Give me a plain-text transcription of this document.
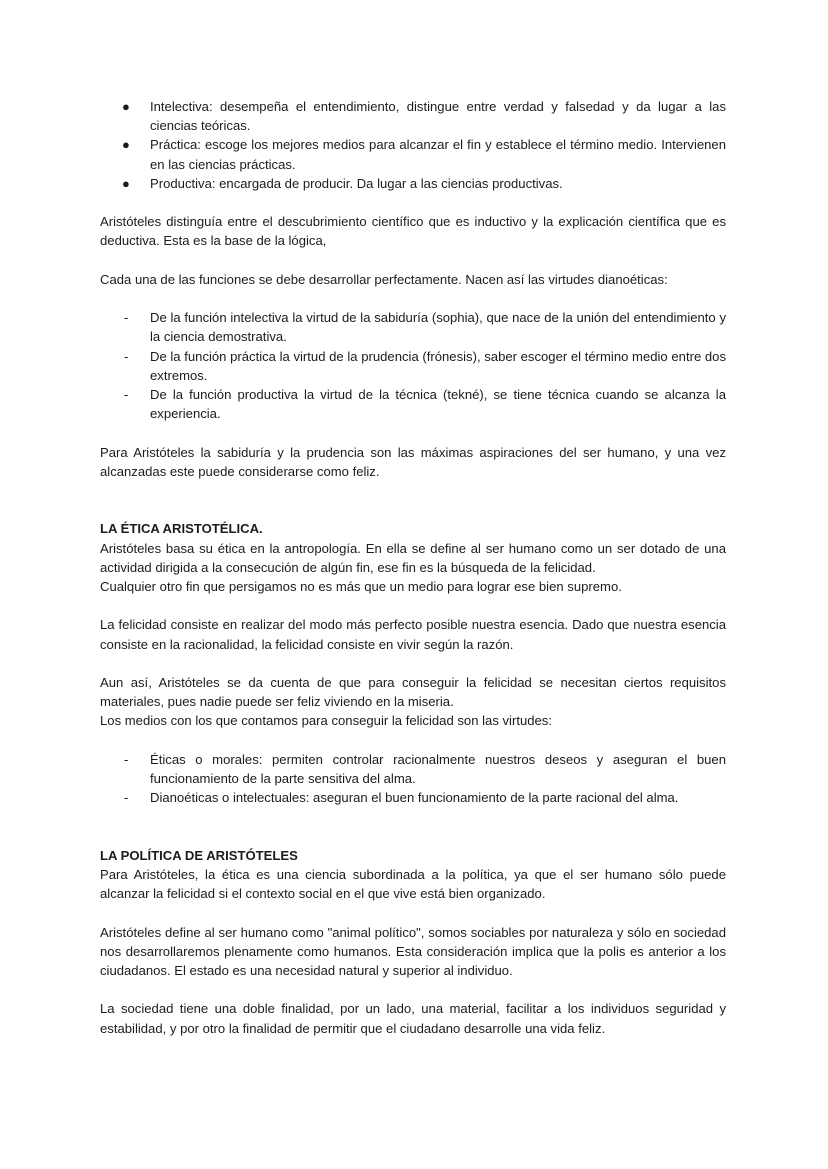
● Intelectiva: desempeña el entendimiento, distingue entre verdad y falsedad y da lugar a las ciencias teóricas.
● Práctica: escoge los mejores medios para alcanzar el fin y establece el término medio. Intervienen en las ciencias prácticas.
● Productiva: encargada de producir. Da lugar a las ciencias productivas.

Aristóteles distinguía entre el descubrimiento científico que es inductivo y la explicación científica que es deductiva. Esta es la base de la lógica,

Cada una de las funciones se debe desarrollar perfectamente. Nacen así las virtudes dianoéticas:

- De la función intelectiva la virtud de la sabiduría (sophia), que nace de la unión del entendimiento y la ciencia demostrativa.
- De la función práctica la virtud de la prudencia (frónesis), saber escoger el término medio entre dos extremos.
- De la función productiva la virtud de la técnica (tekné), se tiene técnica cuando se alcanza la experiencia.

Para Aristóteles la sabiduría y la prudencia son las máximas aspiraciones del ser humano, y una vez alcanzadas este puede considerarse como feliz.

LA ÉTICA ARISTOTÉLICA.

Aristóteles basa su ética en la antropología. En ella se define al ser humano como un ser dotado de una actividad dirigida a la consecución de algún fin, ese fin es la búsqueda de la felicidad.

Cualquier otro fin que persigamos no es más que un medio para lograr ese bien supremo.

La felicidad consiste en realizar del modo más perfecto posible nuestra esencia. Dado que nuestra esencia consiste en la racionalidad, la felicidad consiste en vivir según la razón.

Aun así, Aristóteles se da cuenta de que para conseguir la felicidad se necesitan ciertos requisitos materiales, pues nadie puede ser feliz viviendo en la miseria.

Los medios con los que contamos para conseguir la felicidad son las virtudes:

- Éticas o morales: permiten controlar racionalmente nuestros deseos y aseguran el buen funcionamiento de la parte sensitiva del alma.
- Dianoéticas o intelectuales: aseguran el buen funcionamiento de la parte racional del alma.

LA POLÍTICA DE ARISTÓTELES

Para Aristóteles, la ética es una ciencia subordinada a la política, ya que el ser humano sólo puede alcanzar la felicidad si el contexto social en el que vive está bien organizado.

Aristóteles define al ser humano como "animal político", somos sociables por naturaleza y sólo en sociedad nos desarrollaremos plenamente como humanos. Esta consideración implica que la polis es anterior a los ciudadanos. El estado es una necesidad natural y superior al individuo.

La sociedad tiene una doble finalidad, por un lado, una material, facilitar a los individuos seguridad y estabilidad, y por otro la finalidad de permitir que el ciudadano desarrolle una vida feliz.
